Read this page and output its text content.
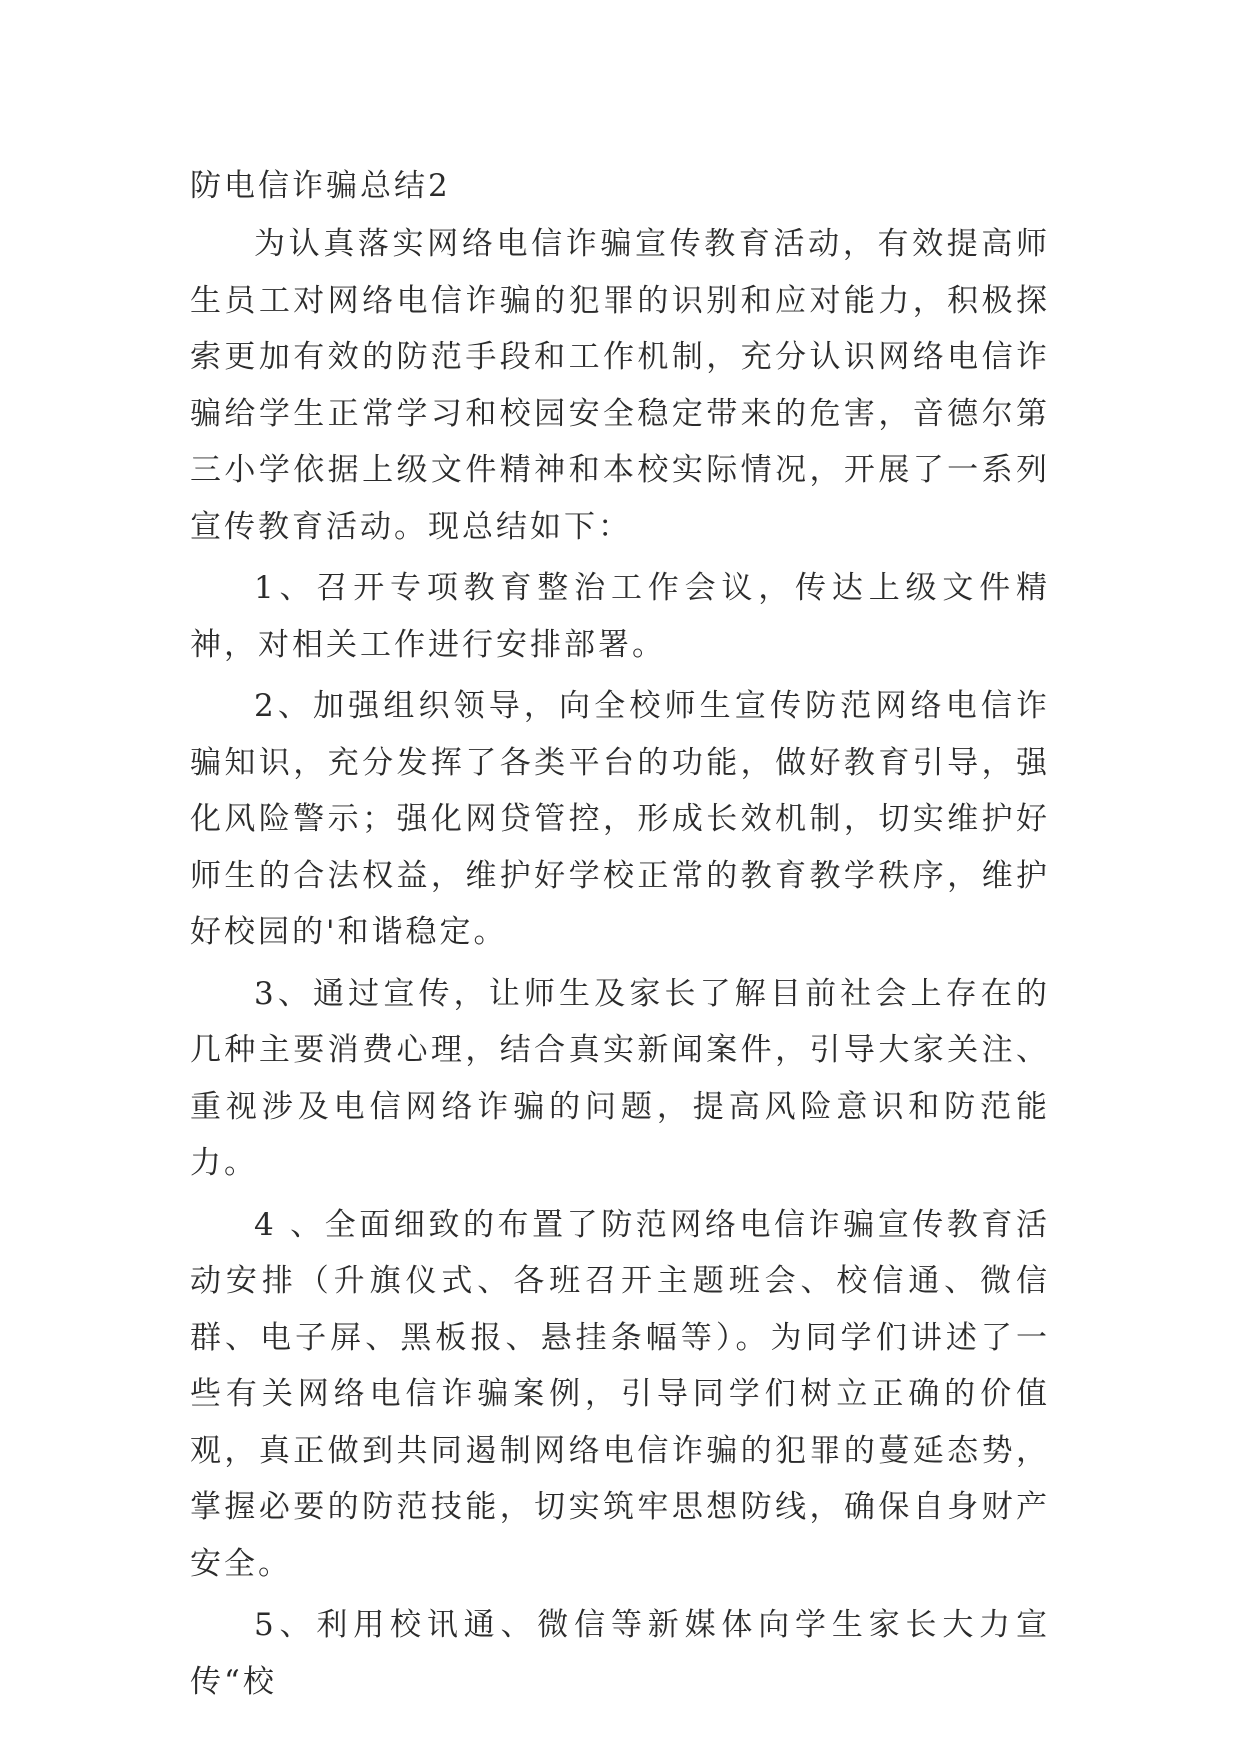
防电信诈骗总结2

为认真落实网络电信诈骗宣传教育活动，有效提高师生员工对网络电信诈骗的犯罪的识别和应对能力，积极探索更加有效的防范手段和工作机制，充分认识网络电信诈骗给学生正常学习和校园安全稳定带来的危害，音德尔第三小学依据上级文件精神和本校实际情况，开展了一系列宣传教育活动。现总结如下：

1、召开专项教育整治工作会议，传达上级文件精神，对相关工作进行安排部署。

2、加强组织领导，向全校师生宣传防范网络电信诈骗知识，充分发挥了各类平台的功能，做好教育引导，强化风险警示；强化网贷管控，形成长效机制，切实维护好师生的合法权益，维护好学校正常的教育教学秩序，维护好校园的'和谐稳定。

3、通过宣传，让师生及家长了解目前社会上存在的几种主要消费心理，结合真实新闻案件，引导大家关注、重视涉及电信网络诈骗的问题，提高风险意识和防范能力。

4 、全面细致的布置了防范网络电信诈骗宣传教育活动安排（升旗仪式、各班召开主题班会、校信通、微信群、电子屏、黑板报、悬挂条幅等）。为同学们讲述了一些有关网络电信诈骗案例，引导同学们树立正确的价值观，真正做到共同遏制网络电信诈骗的犯罪的蔓延态势，掌握必要的防范技能，切实筑牢思想防线，确保自身财产安全。

5、利用校讯通、微信等新媒体向学生家长大力宣传“校
